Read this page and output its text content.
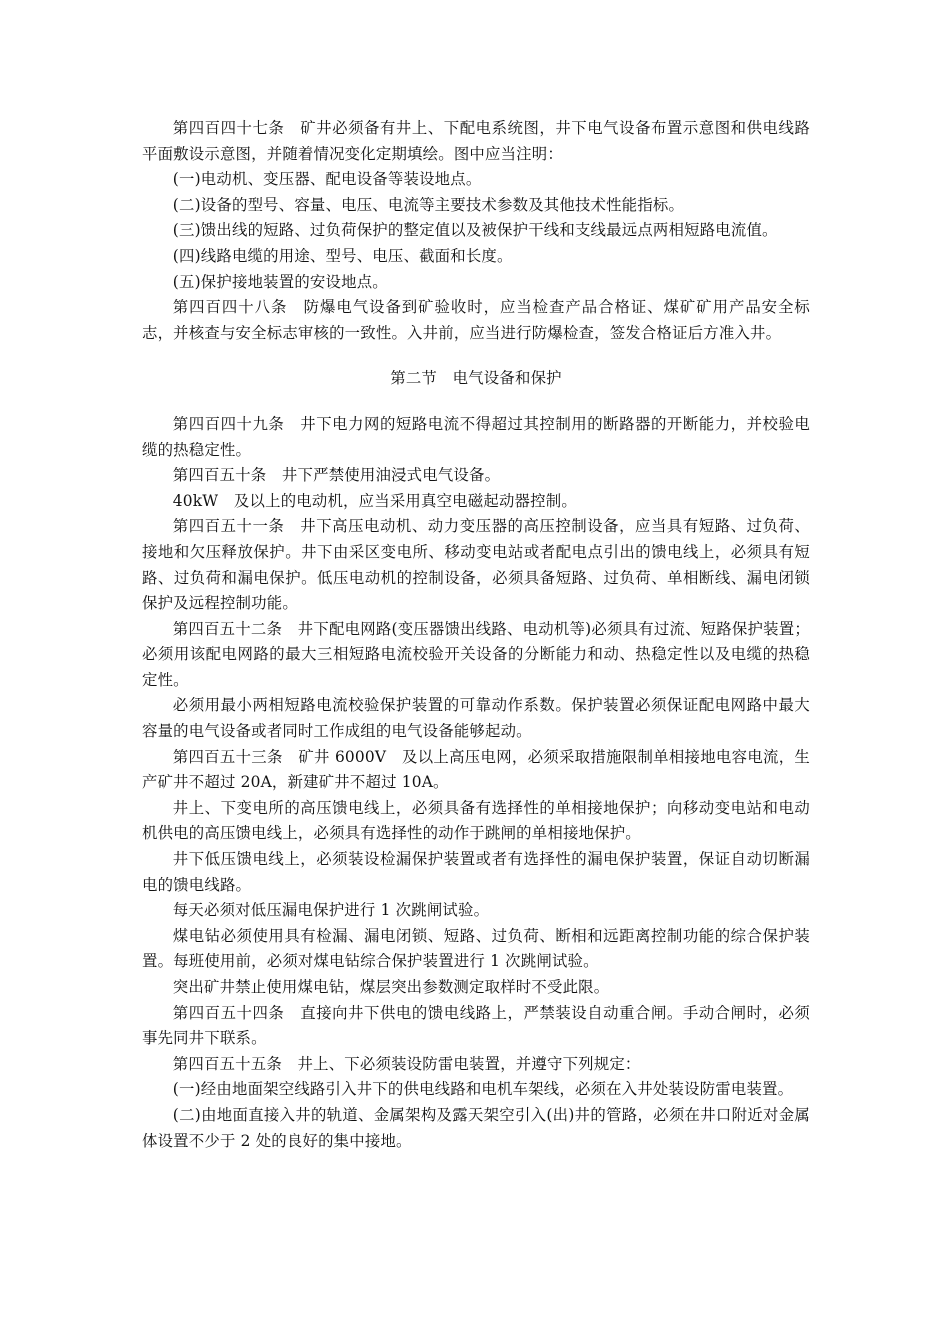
第四百四十七条　矿井必须备有井上、下配电系统图，井下电气设备布置示意图和供电线路平面敷设示意图，并随着情况变化定期填绘。图中应当注明：

(一)电动机、变压器、配电设备等装设地点。

(二)设备的型号、容量、电压、电流等主要技术参数及其他技术性能指标。

(三)馈出线的短路、过负荷保护的整定值以及被保护干线和支线最远点两相短路电流值。

(四)线路电缆的用途、型号、电压、截面和长度。

(五)保护接地装置的安设地点。

第四百四十八条　防爆电气设备到矿验收时，应当检查产品合格证、煤矿矿用产品安全标志，并核查与安全标志审核的一致性。入井前，应当进行防爆检查，签发合格证后方准入井。

第二节　电气设备和保护

第四百四十九条　井下电力网的短路电流不得超过其控制用的断路器的开断能力，并校验电缆的热稳定性。

第四百五十条　井下严禁使用油浸式电气设备。

40kW　及以上的电动机，应当采用真空电磁起动器控制。

第四百五十一条　井下高压电动机、动力变压器的高压控制设备，应当具有短路、过负荷、接地和欠压释放保护。井下由采区变电所、移动变电站或者配电点引出的馈电线上，必须具有短路、过负荷和漏电保护。低压电动机的控制设备，必须具备短路、过负荷、单相断线、漏电闭锁保护及远程控制功能。

第四百五十二条　井下配电网路(变压器馈出线路、电动机等)必须具有过流、短路保护装置；必须用该配电网路的最大三相短路电流校验开关设备的分断能力和动、热稳定性以及电缆的热稳定性。

必须用最小两相短路电流校验保护装置的可靠动作系数。保护装置必须保证配电网路中最大容量的电气设备或者同时工作成组的电气设备能够起动。

第四百五十三条　矿井 6000V　及以上高压电网，必须采取措施限制单相接地电容电流，生产矿井不超过 20A，新建矿井不超过 10A。

井上、下变电所的高压馈电线上，必须具备有选择性的单相接地保护；向移动变电站和电动机供电的高压馈电线上，必须具有选择性的动作于跳闸的单相接地保护。

井下低压馈电线上，必须装设检漏保护装置或者有选择性的漏电保护装置，保证自动切断漏电的馈电线路。

每天必须对低压漏电保护进行 1 次跳闸试验。

煤电钻必须使用具有检漏、漏电闭锁、短路、过负荷、断相和远距离控制功能的综合保护装置。每班使用前，必须对煤电钻综合保护装置进行 1 次跳闸试验。

突出矿井禁止使用煤电钻，煤层突出参数测定取样时不受此限。

第四百五十四条　直接向井下供电的馈电线路上，严禁装设自动重合闸。手动合闸时，必须事先同井下联系。

第四百五十五条　井上、下必须装设防雷电装置，并遵守下列规定：

(一)经由地面架空线路引入井下的供电线路和电机车架线，必须在入井处装设防雷电装置。

(二)由地面直接入井的轨道、金属架构及露天架空引入(出)井的管路，必须在井口附近对金属体设置不少于 2 处的良好的集中接地。
